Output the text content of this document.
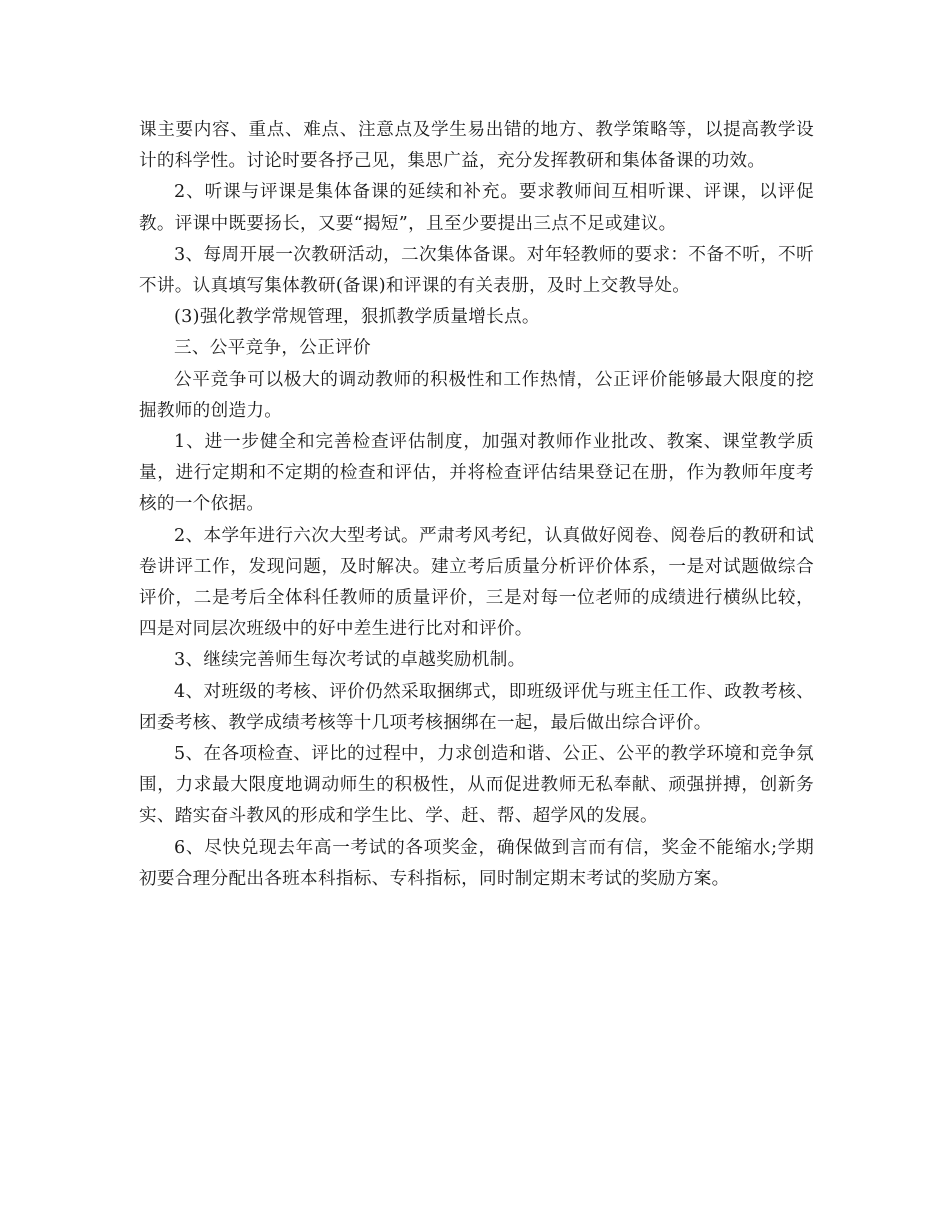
课主要内容、重点、难点、注意点及学生易出错的地方、教学策略等，以提高教学设计的科学性。讨论时要各抒己见，集思广益，充分发挥教研和集体备课的功效。

2、听课与评课是集体备课的延续和补充。要求教师间互相听课、评课，以评促教。评课中既要扬长，又要“揭短”，且至少要提出三点不足或建议。

3、每周开展一次教研活动，二次集体备课。对年轻教师的要求：不备不听，不听不讲。认真填写集体教研(备课)和评课的有关表册，及时上交教导处。

(3)强化教学常规管理，狠抓教学质量增长点。

三、公平竞争，公正评价

公平竞争可以极大的调动教师的积极性和工作热情，公正评价能够最大限度的挖掘教师的创造力。

1、进一步健全和完善检查评估制度，加强对教师作业批改、教案、课堂教学质量，进行定期和不定期的检查和评估，并将检查评估结果登记在册，作为教师年度考核的一个依据。

2、本学年进行六次大型考试。严肃考风考纪，认真做好阅卷、阅卷后的教研和试卷讲评工作，发现问题，及时解决。建立考后质量分析评价体系，一是对试题做综合评价，二是考后全体科任教师的质量评价，三是对每一位老师的成绩进行横纵比较，四是对同层次班级中的好中差生进行比对和评价。

3、继续完善师生每次考试的卓越奖励机制。

4、对班级的考核、评价仍然采取捆绑式，即班级评优与班主任工作、政教考核、团委考核、教学成绩考核等十几项考核捆绑在一起，最后做出综合评价。

5、在各项检查、评比的过程中，力求创造和谐、公正、公平的教学环境和竞争氛围，力求最大限度地调动师生的积极性，从而促进教师无私奉献、顽强拼搏，创新务实、踏实奋斗教风的形成和学生比、学、赶、帮、超学风的发展。

6、尽快兑现去年高一考试的各项奖金，确保做到言而有信，奖金不能缩水;学期初要合理分配出各班本科指标、专科指标，同时制定期末考试的奖励方案。
